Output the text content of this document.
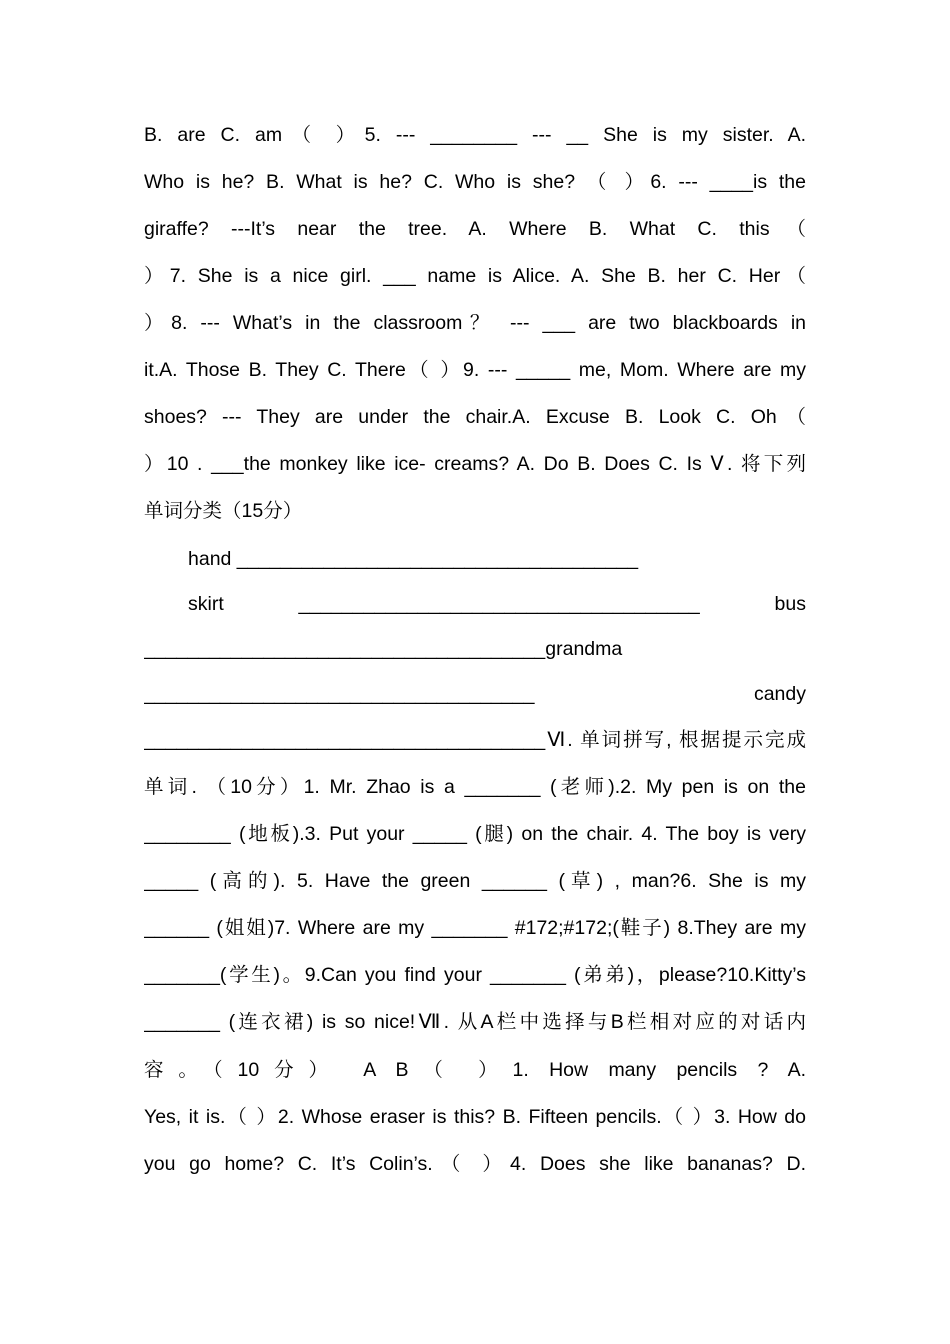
B. are C. am（ ）5. --- ________ --- __ She is my sister. A.
Who is he? B. What is he? C. Who is she? （ ）6. --- ____is the
giraffe? ---It’s near the tree. A. Where B. What C. this（
）7. She is a nice girl. ___ name is Alice. A. She B. her C. Her（
）8. --- What’s in the classroom？ --- ___ are two blackboards in
it.A. Those B. They C. There（ ）9. --- _____ me, Mom. Where are my
shoes? --- They are under the chair.A. Excuse B. Look C. Oh（
）10 . ___the monkey like ice- creams? A. Do B. Does C. Is Ⅴ. 将下列
单词分类（15分）
hand _____________________________________
skirt _____________________________________ bus
_____________________________________grandma
____________________________________ candy
_____________________________________Ⅵ. 单词拼写, 根据提示完成
单词. （10分）1. Mr. Zhao is a _______ (老师).2. My pen is on the
________ (地板).3. Put your _____ (腿) on the chair. 4. The boy is very
_____ (高的). 5. Have the green ______ (草) , man?6. She is my
______ (姐姐)7. Where are my _______ #172;#172;(鞋子) 8.They are my
_______(学生)。9.Can you find your _______ (弟弟)，please?10.Kitty’s
_______ (连衣裙) is so nice!Ⅶ. 从A栏中选择与B栏相对应的对话内
容。（10分） A B（ ）1. How many pencils ? A.
Yes, it is.（ ）2. Whose eraser is this? B. Fifteen pencils.（ ）3. How do
you go home? C. It’s Colin’s.（ ）4. Does she like bananas? D.
